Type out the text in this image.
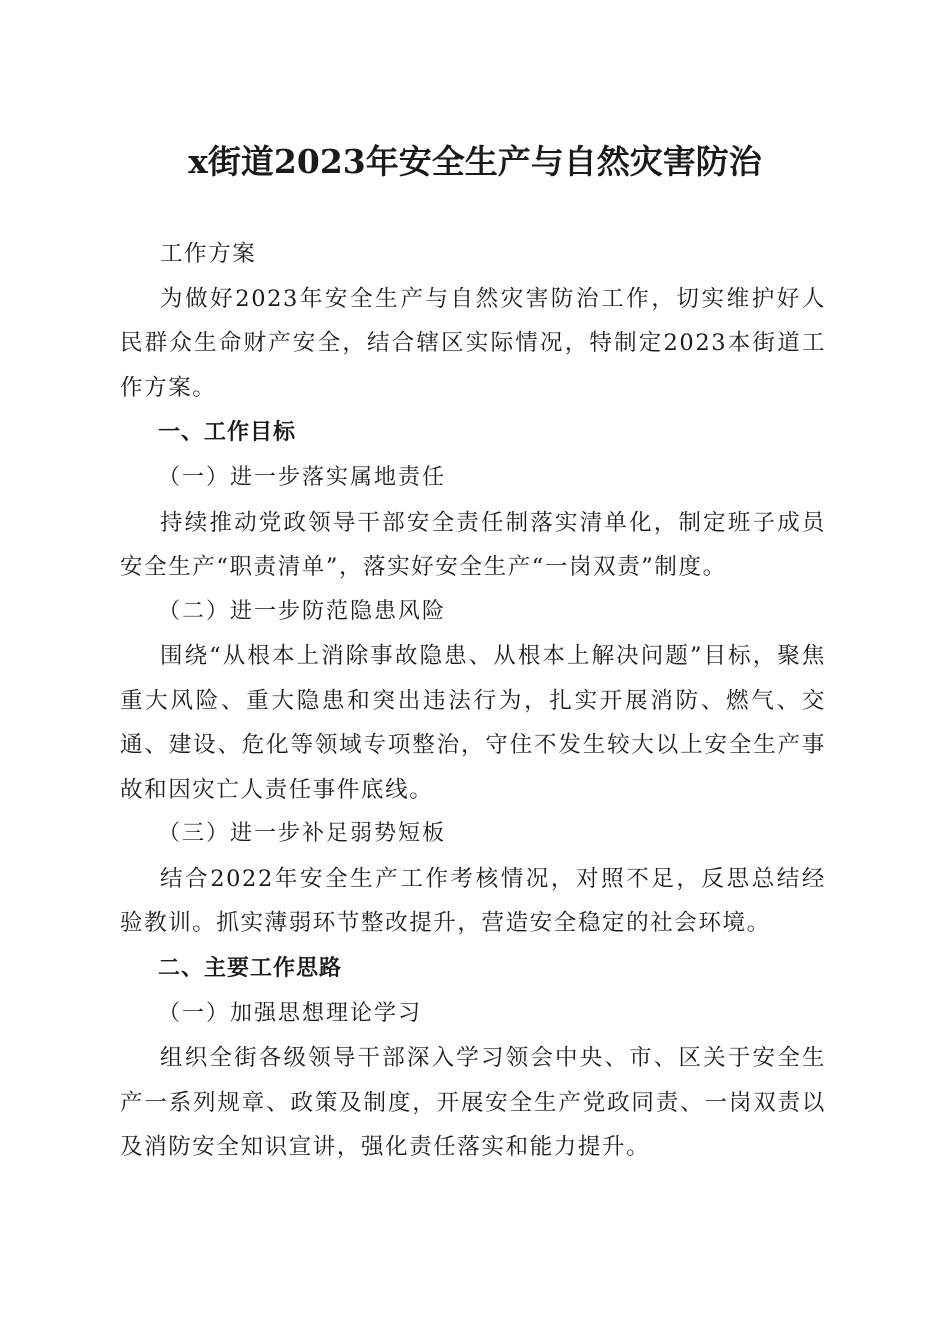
x街道2023年安全生产与自然灾害防治

工作方案

为做好2023年安全生产与自然灾害防治工作，切实维护好人民群众生命财产安全，结合辖区实际情况，特制定2023本街道工作方案。

一、工作目标

（一）进一步落实属地责任

持续推动党政领导干部安全责任制落实清单化，制定班子成员安全生产“职责清单”，落实好安全生产“一岗双责”制度。

（二）进一步防范隐患风险

围绕“从根本上消除事故隐患、从根本上解决问题”目标，聚焦重大风险、重大隐患和突出违法行为，扎实开展消防、燃气、交通、建设、危化等领域专项整治，守住不发生较大以上安全生产事故和因灾亡人责任事件底线。

（三）进一步补足弱势短板

结合2022年安全生产工作考核情况，对照不足，反思总结经验教训。抓实薄弱环节整改提升，营造安全稳定的社会环境。

二、主要工作思路

（一）加强思想理论学习

组织全街各级领导干部深入学习领会中央、市、区关于安全生产一系列规章、政策及制度，开展安全生产党政同责、一岗双责以及消防安全知识宣讲，强化责任落实和能力提升。
